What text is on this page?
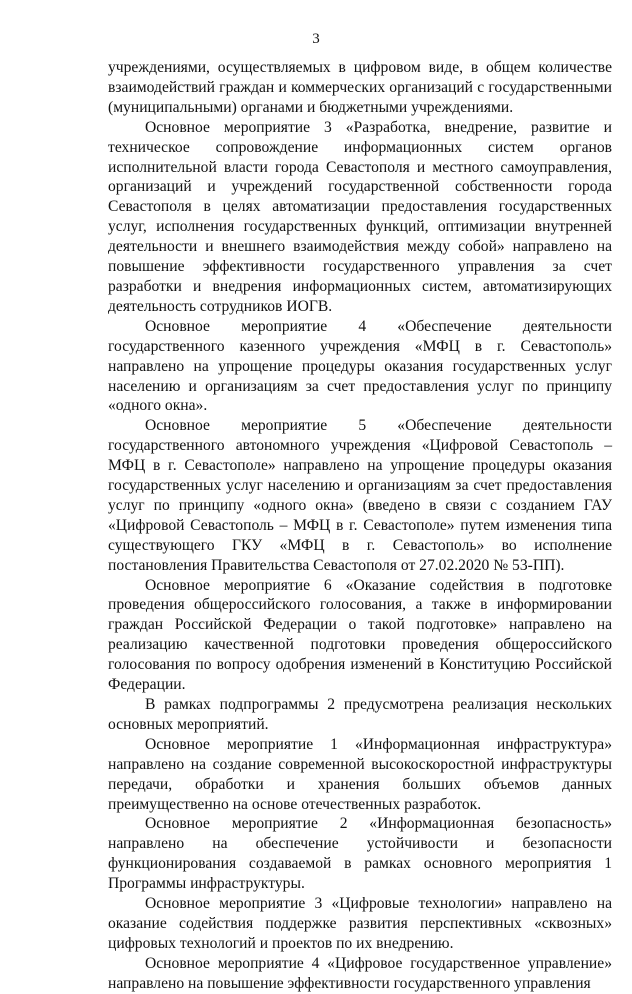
3

учреждениями, осуществляемых в цифровом виде, в общем количестве взаимодействий граждан и коммерческих организаций с государственными (муниципальными) органами и бюджетными учреждениями.

Основное мероприятие 3 «Разработка, внедрение, развитие и техническое сопровождение информационных систем органов исполнительной власти города Севастополя и местного самоуправления, организаций и учреждений государственной собственности города Севастополя в целях автоматизации предоставления государственных услуг, исполнения государственных функций, оптимизации внутренней деятельности и внешнего взаимодействия между собой» направлено на повышение эффективности государственного управления за счет разработки и внедрения информационных систем, автоматизирующих деятельность сотрудников ИОГВ.

Основное мероприятие 4 «Обеспечение деятельности государственного казенного учреждения «МФЦ в г. Севастополь» направлено на упрощение процедуры оказания государственных услуг населению и организациям за счет предоставления услуг по принципу «одного окна».

Основное мероприятие 5 «Обеспечение деятельности государственного автономного учреждения «Цифровой Севастополь – МФЦ в г. Севастополе» направлено на упрощение процедуры оказания государственных услуг населению и организациям за счет предоставления услуг по принципу «одного окна» (введено в связи с созданием ГАУ «Цифровой Севастополь – МФЦ в г. Севастополе» путем изменения типа существующего ГКУ «МФЦ в г. Севастополь» во исполнение постановления Правительства Севастополя от 27.02.2020 № 53-ПП).

Основное мероприятие 6 «Оказание содействия в подготовке проведения общероссийского голосования, а также в информировании граждан Российской Федерации о такой подготовке» направлено на реализацию качественной подготовки проведения общероссийского голосования по вопросу одобрения изменений в Конституцию Российской Федерации.

В рамках подпрограммы 2 предусмотрена реализация нескольких основных мероприятий.

Основное мероприятие 1 «Информационная инфраструктура» направлено на создание современной высокоскоростной инфраструктуры передачи, обработки и хранения больших объемов данных преимущественно на основе отечественных разработок.

Основное мероприятие 2 «Информационная безопасность» направлено на обеспечение устойчивости и безопасности функционирования создаваемой в рамках основного мероприятия 1 Программы инфраструктуры.

Основное мероприятие 3 «Цифровые технологии» направлено на оказание содействия поддержке развития перспективных «сквозных» цифровых технологий и проектов по их внедрению.

Основное мероприятие 4 «Цифровое государственное управление» направлено на повышение эффективности государственного управления
